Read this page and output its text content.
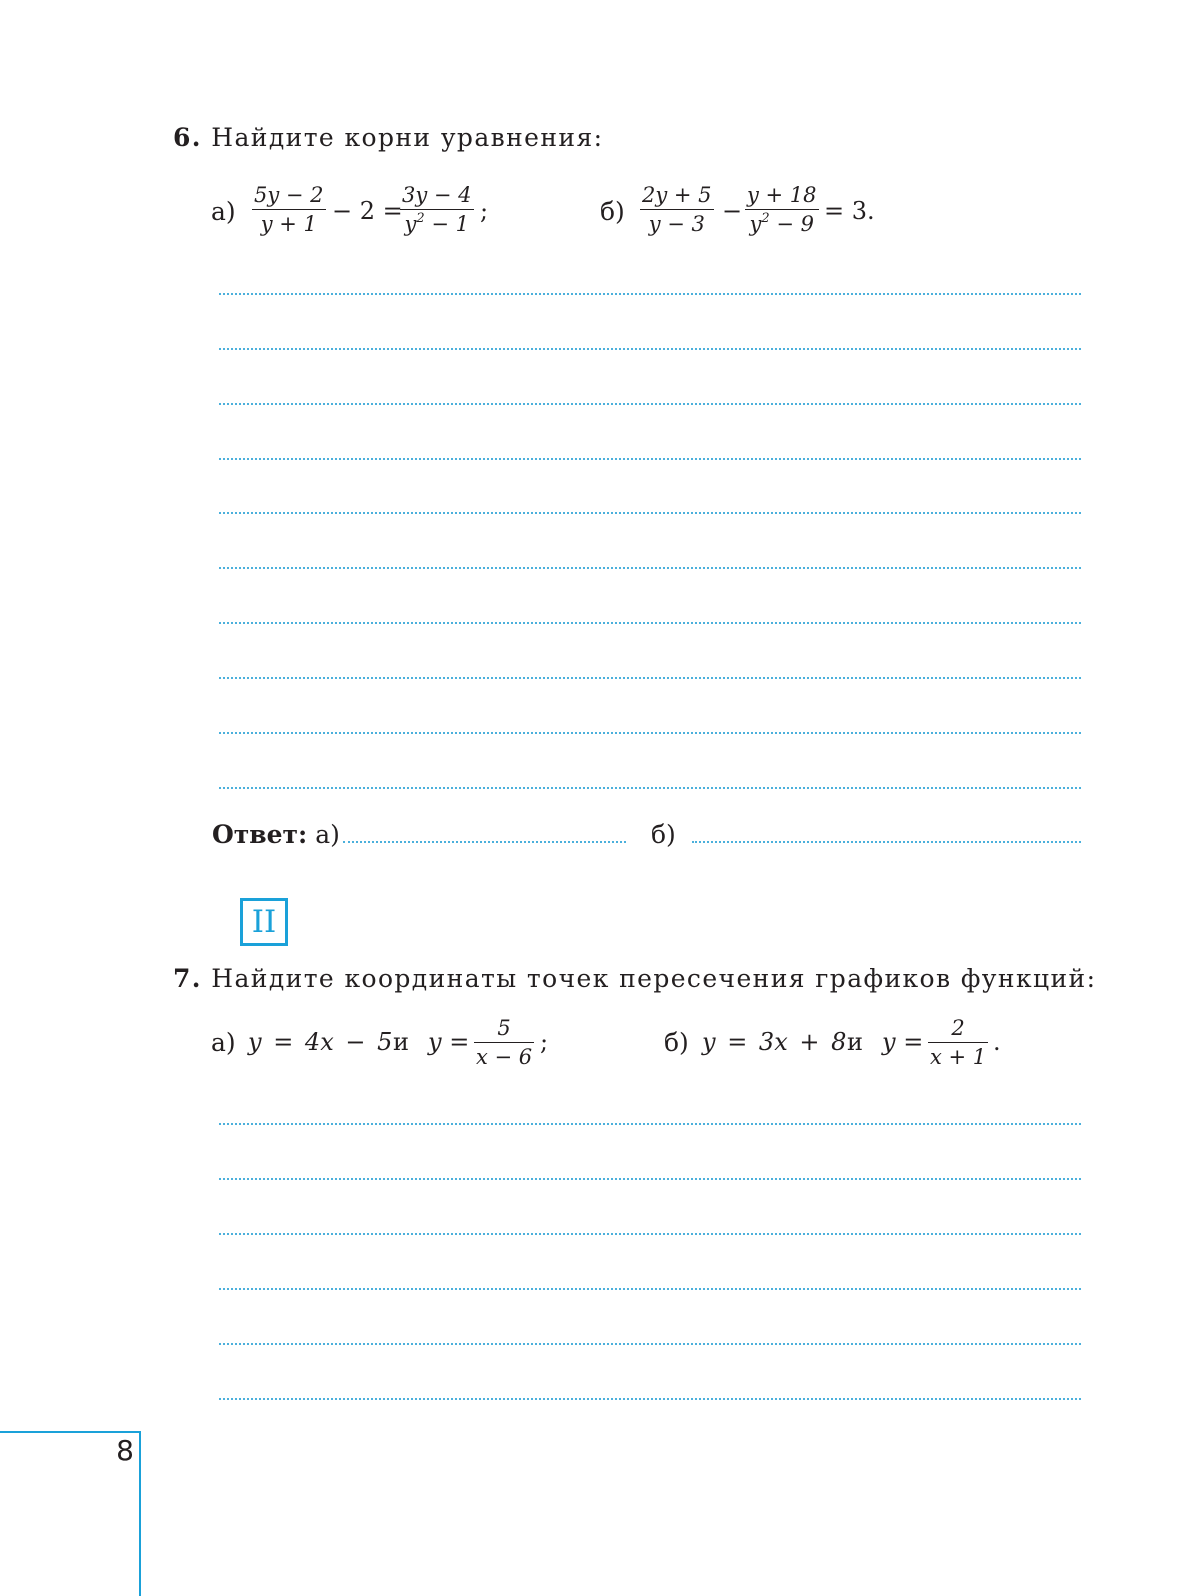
6. Найдите корни уравнения:
$а) \frac{5y - 2}{y + 1} - 2$ =
$\frac{3y - 4}{y^2 - 1}$ ;	$б) \frac{2y + 5}{y - 3} - \frac{y + 18}{y^2 - 9} = 3$.
Ответ: а)	б)
II
7. Найдите координаты точек пересечения графиков функций:
а) y = 4x − 5 и $y = \frac{5}{x - 6}$ ;	б) y = 3x + 8 и $y = \frac{2}{x + 1}$ .
8
